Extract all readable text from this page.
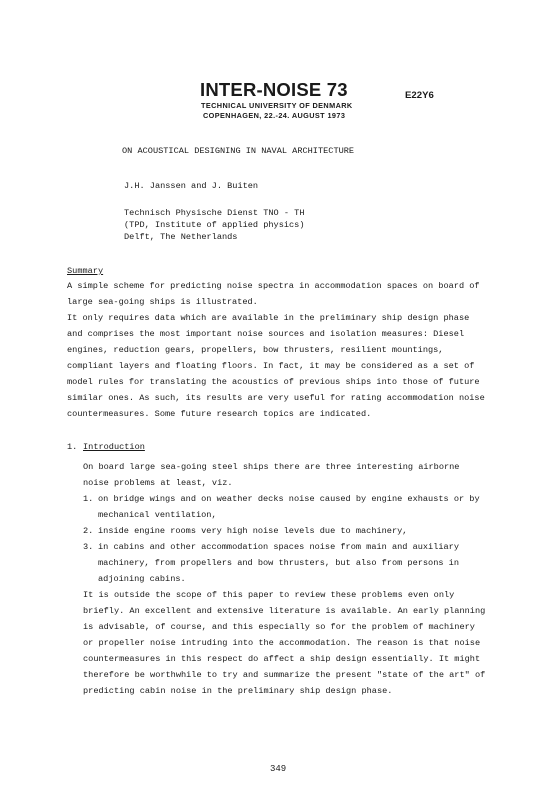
INTER-NOISE 73	E22Y6
TECHNICAL UNIVERSITY OF DENMARK
COPENHAGEN, 22.-24. AUGUST 1973
ON ACOUSTICAL DESIGNING IN NAVAL ARCHITECTURE
J.H. Janssen and J. Buiten
Technisch Physische Dienst TNO - TH
(TPD, Institute of applied physics)
Delft, The Netherlands
Summary
A simple scheme for predicting noise spectra in accommodation spaces on board of
large sea-going ships is illustrated.
It only requires data which are available in the preliminary ship design phase
and comprises the most important noise sources and isolation measures: Diesel
engines, reduction gears, propellers, bow thrusters, resilient mountings,
compliant layers and floating floors. In fact, it may be considered as a set of
model rules for translating the acoustics of previous ships into those of future
similar ones. As such, its results are very useful for rating accommodation noise
countermeasures. Some future research topics are indicated.
1. Introduction
On board large sea-going steel ships there are three interesting airborne
noise problems at least, viz.
1. on bridge wings and on weather decks noise caused by engine exhausts or by
mechanical ventilation,
2. inside engine rooms very high noise levels due to machinery,
3. in cabins and other accommodation spaces noise from main and auxiliary
machinery, from propellers and bow thrusters, but also from persons in
adjoining cabins.
It is outside the scope of this paper to review these problems even only
briefly. An excellent and extensive literature is available. An early planning
is advisable, of course, and this especially so for the problem of machinery
or propeller noise intruding into the accommodation. The reason is that noise
countermeasures in this respect do affect a ship design essentially. It might
therefore be worthwhile to try and summarize the present "state of the art" of
predicting cabin noise in the preliminary ship design phase.
349
